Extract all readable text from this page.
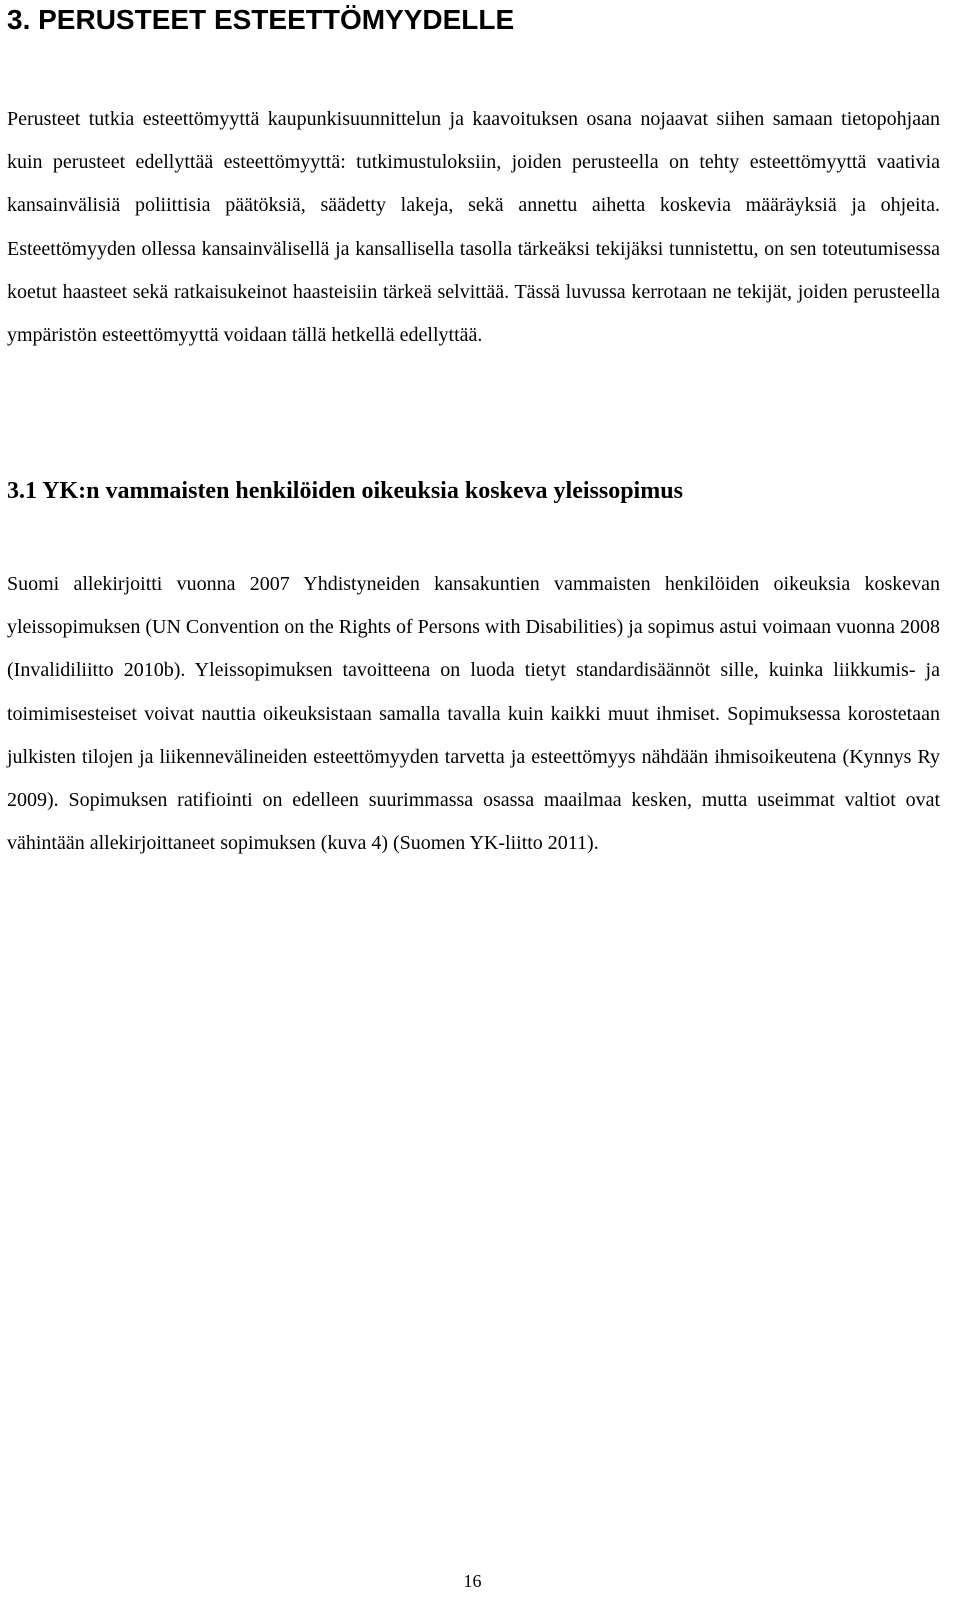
3. PERUSTEET ESTEETTÖMYYDELLE

Perusteet tutkia esteettömyyttä kaupunkisuunnittelun ja kaavoituksen osana nojaavat siihen samaan tietopohjaan kuin perusteet edellyttää esteettömyyttä: tutkimustuloksiin, joiden perusteella on tehty esteettömyyttä vaativia kansainvälisiä poliittisia päätöksiä, säädetty lakeja, sekä annettu aihetta koskevia määräyksiä ja ohjeita. Esteettömyyden ollessa kansainvälisellä ja kansallisella tasolla tärkeäksi tekijäksi tunnistettu, on sen toteutumisessa koetut haasteet sekä ratkaisukeinot haasteisiin tärkeä selvittää. Tässä luvussa kerrotaan ne tekijät, joiden perusteella ympäristön esteettömyyttä voidaan tällä hetkellä edellyttää.

3.1 YK:n vammaisten henkilöiden oikeuksia koskeva yleissopimus

Suomi allekirjoitti vuonna 2007 Yhdistyneiden kansakuntien vammaisten henkilöiden oikeuksia koskevan yleissopimuksen (UN Convention on the Rights of Persons with Disabilities) ja sopimus astui voimaan vuonna 2008 (Invalidiliitto 2010b). Yleissopimuksen tavoitteena on luoda tietyt standardisäännöt sille, kuinka liikkumis- ja toimimisesteiset voivat nauttia oikeuksistaan samalla tavalla kuin kaikki muut ihmiset. Sopimuksessa korostetaan julkisten tilojen ja liikennevälineiden esteettömyyden tarvetta ja esteettömyys nähdään ihmisoikeutena (Kynnys Ry 2009). Sopimuksen ratifiointi on edelleen suurimmassa osassa maailmaa kesken, mutta useimmat valtiot ovat vähintään allekirjoittaneet sopimuksen (kuva 4) (Suomen YK-liitto 2011).

16
